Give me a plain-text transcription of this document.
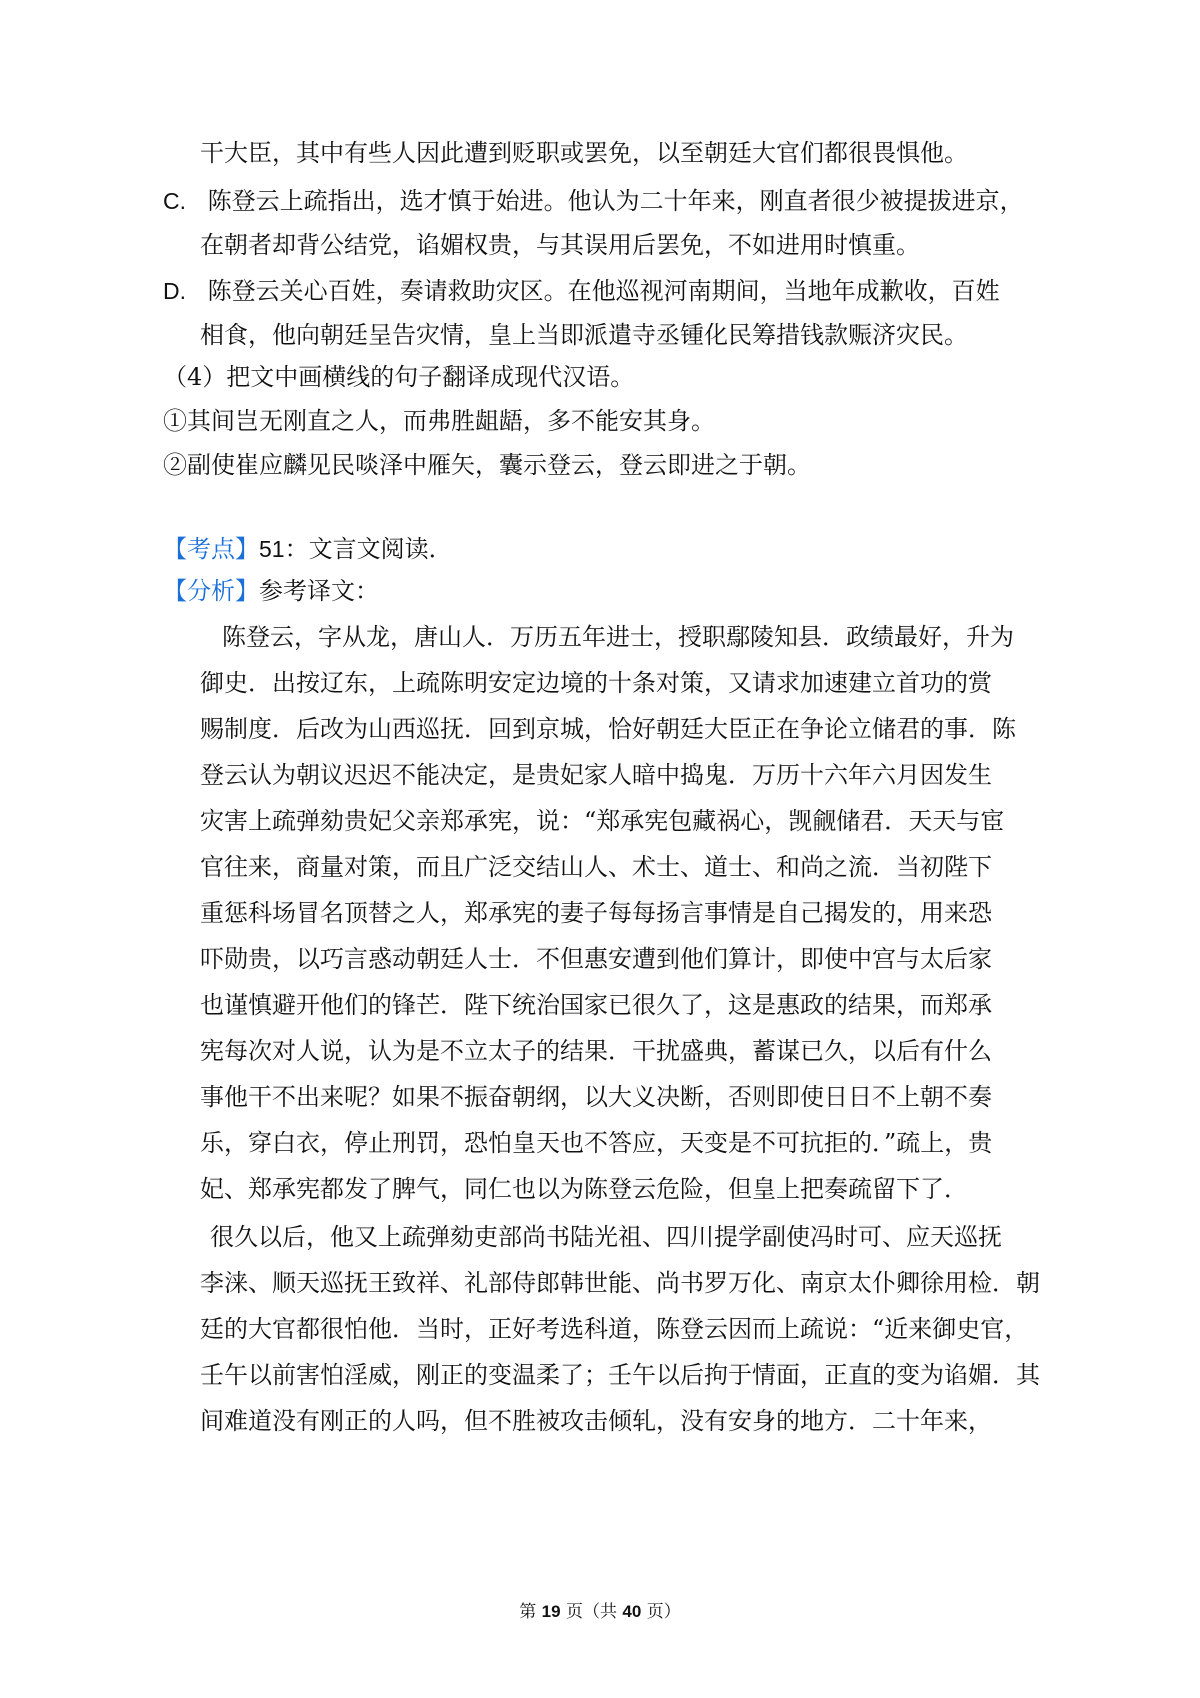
干大臣，其中有些人因此遭到贬职或罢免，以至朝廷大官们都很畏惧他。
C. 陈登云上疏指出，选才慎于始进。他认为二十年来，刚直者很少被提拔进京，
在朝者却背公结党，谄媚权贵，与其误用后罢免，不如进用时慎重。
D. 陈登云关心百姓，奏请救助灾区。在他巡视河南期间，当地年成歉收，百姓
相食，他向朝廷呈告灾情，皇上当即派遣寺丞锺化民筹措钱款赈济灾民。
（4）把文中画横线的句子翻译成现代汉语。
①其间岂无刚直之人，而弗胜龃龉，多不能安其身。
②副使崔应麟见民啖泽中雁矢，囊示登云，登云即进之于朝。
【考点】51：文言文阅读．
【分析】参考译文：
陈登云，字从龙，唐山人．万历五年进士，授职鄢陵知县．政绩最好，升为
御史．出按辽东，上疏陈明安定边境的十条对策，又请求加速建立首功的赏
赐制度．后改为山西巡抚．回到京城，恰好朝廷大臣正在争论立储君的事．陈
登云认为朝议迟迟不能决定，是贵妃家人暗中捣鬼．万历十六年六月因发生
灾害上疏弹劾贵妃父亲郑承宪，说：“郑承宪包藏祸心，觊觎储君．天天与宦
官往来，商量对策，而且广泛交结山人、术士、道士、和尚之流．当初陛下
重惩科场冒名顶替之人，郑承宪的妻子每每扬言事情是自己揭发的，用来恐
吓勋贵，以巧言惑动朝廷人士．不但惠安遭到他们算计，即使中宫与太后家
也谨慎避开他们的锋芒．陛下统治国家已很久了，这是惠政的结果，而郑承
宪每次对人说，认为是不立太子的结果．干扰盛典，蓄谋已久，以后有什么
事他干不出来呢？如果不振奋朝纲，以大义决断，否则即使日日不上朝不奏
乐，穿白衣，停止刑罚，恐怕皇天也不答应，天变是不可抗拒的．”疏上，贵
妃、郑承宪都发了脾气，同仁也以为陈登云危险，但皇上把奏疏留下了．
很久以后，他又上疏弹劾吏部尚书陆光祖、四川提学副使冯时可、应天巡抚
李涞、顺天巡抚王致祥、礼部侍郎韩世能、尚书罗万化、南京太仆卿徐用检．朝
廷的大官都很怕他．当时，正好考选科道，陈登云因而上疏说：“近来御史官，
壬午以前害怕淫威，刚正的变温柔了；壬午以后拘于情面，正直的变为谄媚．其
间难道没有刚正的人吗，但不胜被攻击倾轧，没有安身的地方．二十年来，
第 19 页（共 40 页）
